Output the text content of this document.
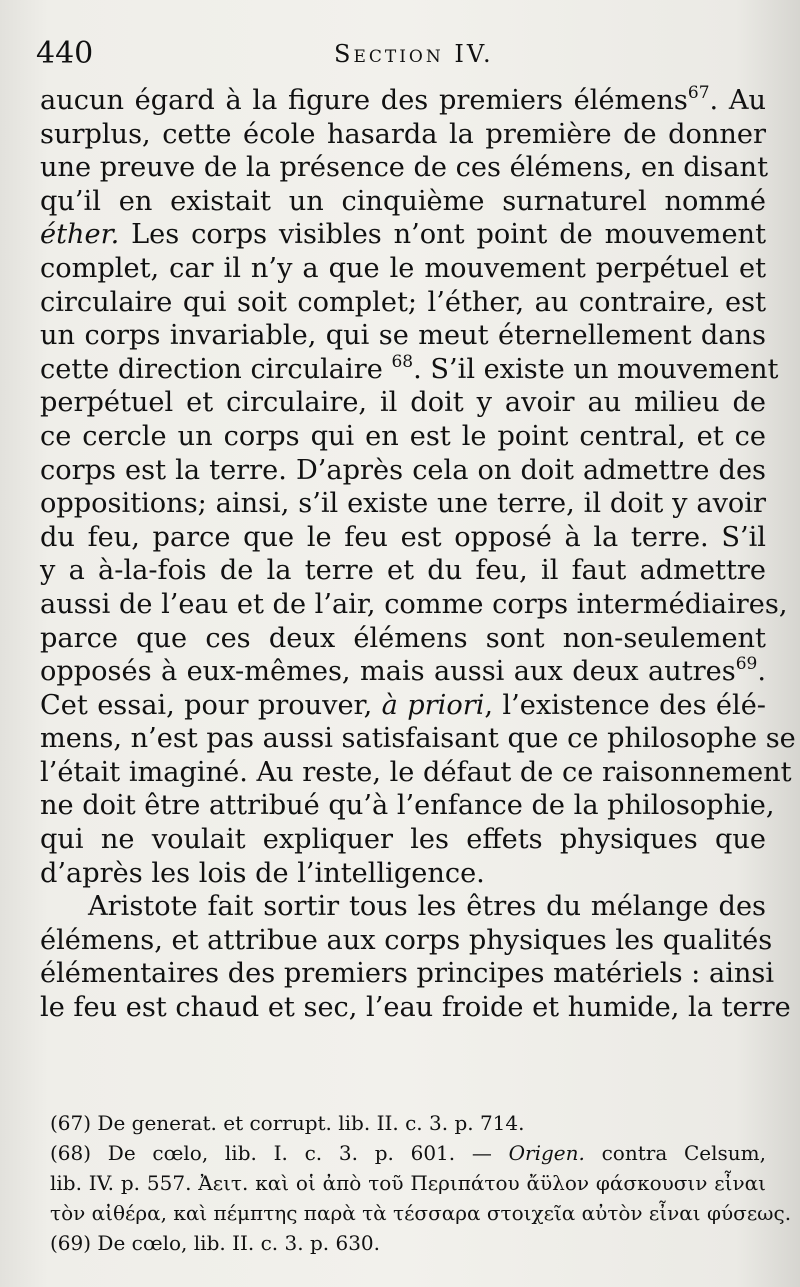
440	Section IV.
aucun égard à la figure des premiers élémens$^{67}$. Au
surplus, cette école hasarda la première de donner
une preuve de la présence de ces élémens, en disant
qu’il en existait un cinquième surnaturel nommé
éther. Les corps visibles n’ont point de mouvement
complet, car il n’y a que le mouvement perpétuel et
circulaire qui soit complet; l’éther, au contraire, est
un corps invariable, qui se meut éternellement dans
cette direction circulaire $^{68}$. S’il existe un mouvement
perpétuel et circulaire, il doit y avoir au milieu de
ce cercle un corps qui en est le point central, et ce
corps est la terre. D’après cela on doit admettre des
oppositions; ainsi, s’il existe une terre, il doit y avoir
du feu, parce que le feu est opposé à la terre. S’il
y a à-la-fois de la terre et du feu, il faut admettre
aussi de l’eau et de l’air, comme corps intermédiaires,
parce que ces deux élémens sont non-seulement
opposés à eux-mêmes, mais aussi aux deux autres$^{69}$.
Cet essai, pour prouver, à priori, l’existence des élé-
mens, n’est pas aussi satisfaisant que ce philosophe se
l’était imaginé. Au reste, le défaut de ce raisonnement
ne doit être attribué qu’à l’enfance de la philosophie,
qui ne voulait expliquer les effets physiques que
d’après les lois de l’intelligence.
Aristote fait sortir tous les êtres du mélange des
élémens, et attribue aux corps physiques les qualités
élémentaires des premiers principes matériels : ainsi
le feu est chaud et sec, l’eau froide et humide, la terre
(67) De generat. et corrupt. lib. II. c. 3. p. 714.
(68) De cœlo, lib. I. c. 3. p. 601. — Origen. contra Celsum,
lib. IV. p. 557. Ἀειτ. καὶ οἱ ἀπὸ τοῦ Περιπάτου ἄϋλον φάσκουσιν εἶναι
τὸν αἰθέρα, καὶ πέμπτης παρὰ τὰ τέσσαρα στοιχεῖα αὐτὸν εἶναι φύσεως.
(69) De cœlo, lib. II. c. 3. p. 630.
